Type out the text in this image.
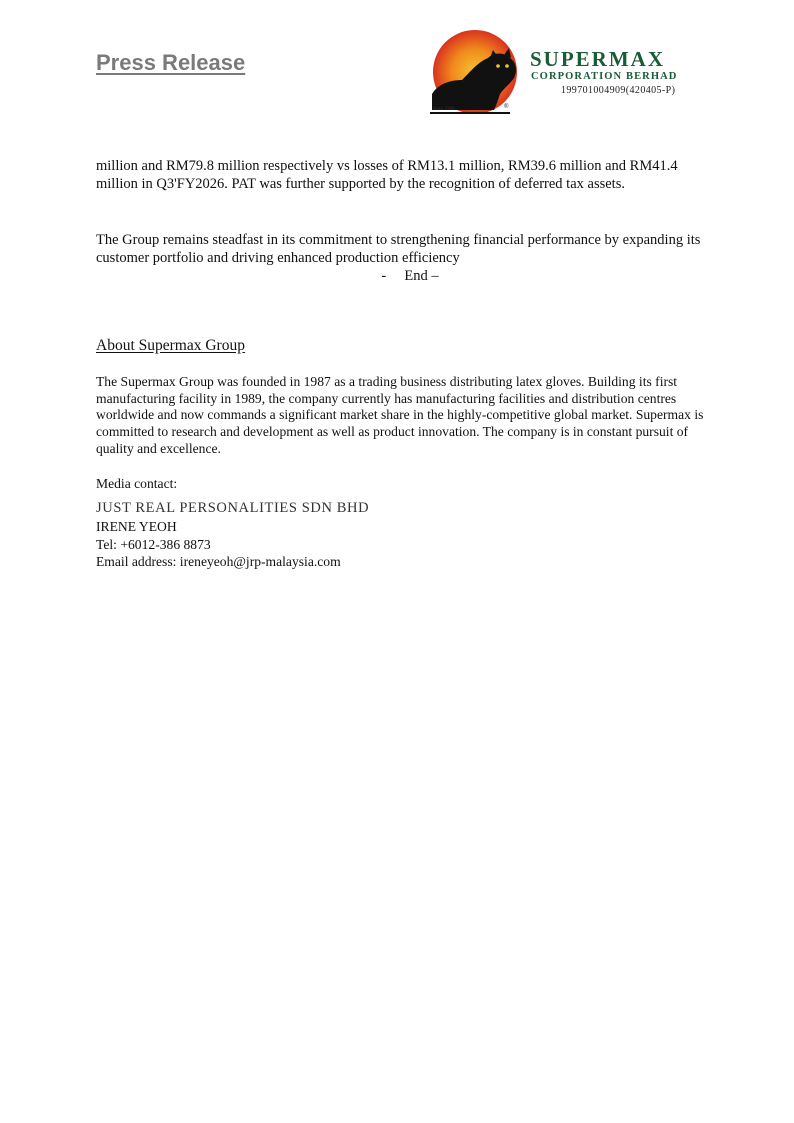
Press Release
®
SUPERMAX
CORPORATION BERHAD
199701004909(420405-P)
since 1989

million and RM79.8 million respectively vs losses of RM13.1 million, RM39.6 million and RM41.4 million in Q3'FY2026. PAT was further supported by the recognition of deferred tax assets.

The Group remains steadfast in its commitment to strengthening financial performance by expanding its customer portfolio and driving enhanced production efficiency

-     End –
About Supermax Group

The Supermax Group was founded in 1987 as a trading business distributing latex gloves. Building its first manufacturing facility in 1989, the company currently has manufacturing facilities and distribution centres worldwide and now commands a significant market share in the highly-competitive global market. Supermax is committed to research and development as well as product innovation. The company is in constant pursuit of quality and excellence.

Media contact:
JUST REAL PERSONALITIES SDN BHD
IRENE YEOH
Tel: +6012-386 8873
Email address: ireneyeoh@jrp-malaysia.com
